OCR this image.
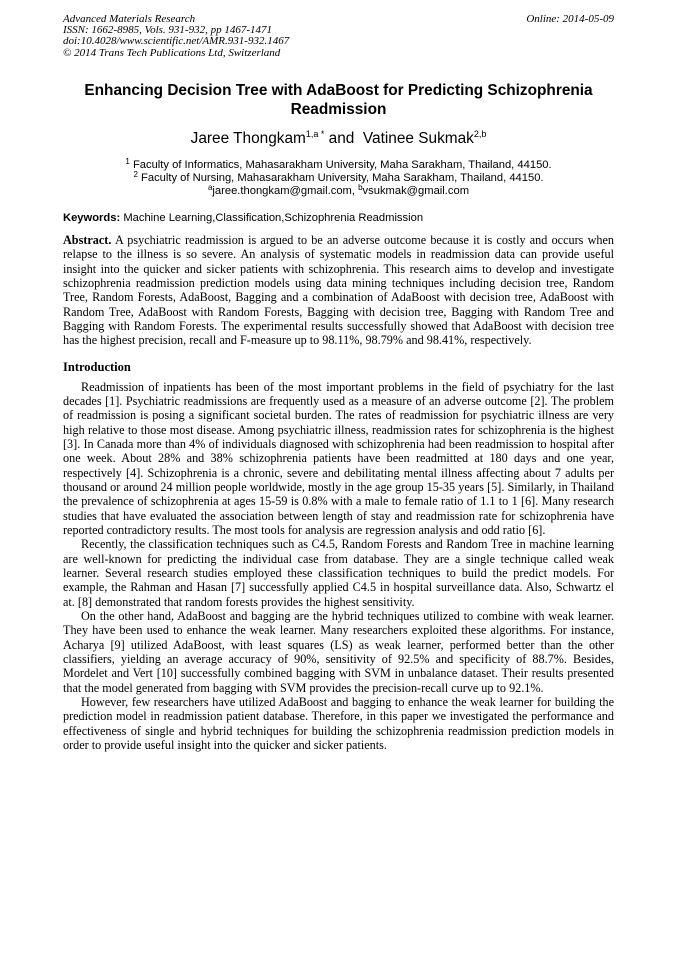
Advanced Materials Research
ISSN: 1662-8985, Vols. 931-932, pp 1467-1471
doi:10.4028/www.scientific.net/AMR.931-932.1467
© 2014 Trans Tech Publications Ltd, Switzerland
Online: 2014-05-09
Enhancing Decision Tree with AdaBoost for Predicting Schizophrenia Readmission
Jaree Thongkam$^{1,a *}$ and Vatinee Sukmak$^{2,b}$
$^1$ Faculty of Informatics, Mahasarakham University, Maha Sarakham, Thailand, 44150.
$^2$ Faculty of Nursing, Mahasarakham University, Maha Sarakham, Thailand, 44150.
$^a$jaree.thongkam@gmail.com, $^b$vsukmak@gmail.com
Keywords: Machine Learning,Classification,Schizophrenia Readmission

Abstract. A psychiatric readmission is argued to be an adverse outcome because it is costly and occurs when relapse to the illness is so severe. An analysis of systematic models in readmission data can provide useful insight into the quicker and sicker patients with schizophrenia. This research aims to develop and investigate schizophrenia readmission prediction models using data mining techniques including decision tree, Random Tree, Random Forests, AdaBoost, Bagging and a combination of AdaBoost with decision tree, AdaBoost with Random Tree, AdaBoost with Random Forests, Bagging with decision tree, Bagging with Random Tree and Bagging with Random Forests. The experimental results successfully showed that AdaBoost with decision tree has the highest precision, recall and F-measure up to 98.11%, 98.79% and 98.41%, respectively.

Introduction

Readmission of inpatients has been of the most important problems in the field of psychiatry for the last decades [1]. Psychiatric readmissions are frequently used as a measure of an adverse outcome [2]. The problem of readmission is posing a significant societal burden. The rates of readmission for psychiatric illness are very high relative to those most disease. Among psychiatric illness, readmission rates for schizophrenia is the highest [3]. In Canada more than 4% of individuals diagnosed with schizophrenia had been readmission to hospital after one week. About 28% and 38% schizophrenia patients have been readmitted at 180 days and one year, respectively [4]. Schizophrenia is a chronic, severe and debilitating mental illness affecting about 7 adults per thousand or around 24 million people worldwide, mostly in the age group 15-35 years [5]. Similarly, in Thailand the prevalence of schizophrenia at ages 15-59 is 0.8% with a male to female ratio of 1.1 to 1 [6]. Many research studies that have evaluated the association between length of stay and readmission rate for schizophrenia have reported contradictory results. The most tools for analysis are regression analysis and odd ratio [6].

Recently, the classification techniques such as C4.5, Random Forests and Random Tree in machine learning are well-known for predicting the individual case from database. They are a single technique called weak learner. Several research studies employed these classification techniques to build the predict models. For example, the Rahman and Hasan [7] successfully applied C4.5 in hospital surveillance data. Also, Schwartz el at. [8] demonstrated that random forests provides the highest sensitivity.

On the other hand, AdaBoost and bagging are the hybrid techniques utilized to combine with weak learner. They have been used to enhance the weak learner. Many researchers exploited these algorithms. For instance, Acharya [9] utilized AdaBoost, with least squares (LS) as weak learner, performed better than the other classifiers, yielding an average accuracy of 90%, sensitivity of 92.5% and specificity of 88.7%. Besides, Mordelet and Vert [10] successfully combined bagging with SVM in unbalance dataset. Their results presented that the model generated from bagging with SVM provides the precision-recall curve up to 92.1%.

However, few researchers have utilized AdaBoost and bagging to enhance the weak learner for building the prediction model in readmission patient database. Therefore, in this paper we investigated the performance and effectiveness of single and hybrid techniques for building the schizophrenia readmission prediction models in order to provide useful insight into the quicker and sicker patients.
